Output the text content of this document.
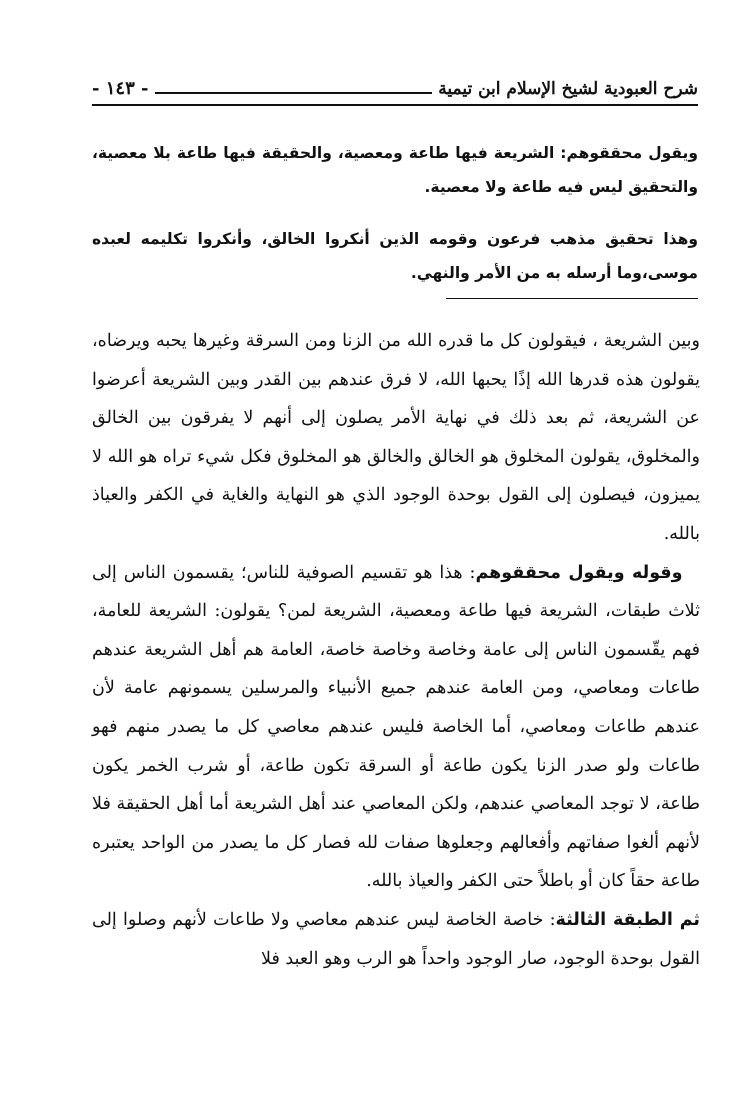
شرح العبودية لشيخ الإسلام ابن تيمية
- ١٤٣ -
ويقول محققوهم: الشريعة فيها طاعة ومعصية، والحقيقة فيها طاعة بلا معصية، والتحقيق ليس فيه طاعة ولا معصية.
وهذا تحقيق مذهب فرعون وقومه الذين أنكروا الخالق، وأنكروا تكليمه لعبده موسى،وما أرسله به من الأمر والنهي.

وبين الشريعة ، فيقولون كل ما قدره الله من الزنا ومن السرقة وغيرها يحبه ويرضاه، يقولون هذه قدرها الله إذًا يحبها الله، لا فرق عندهم بين القدر وبين الشريعة أعرضوا عن الشريعة، ثم بعد ذلك في نهاية الأمر يصلون إلى أنهم لا يفرقون بين الخالق والمخلوق، يقولون المخلوق هو الخالق والخالق هو المخلوق فكل شيء تراه هو الله لا يميزون، فيصلون إلى القول بوحدة الوجود الذي هو النهاية والغاية في الكفر والعياذ بالله.

 وقوله ويقول محققوهم: هذا هو تقسيم الصوفية للناس؛ يقسمون الناس إلى ثلاث طبقات، الشريعة فيها طاعة ومعصية، الشريعة لمن؟ يقولون: الشريعة للعامة، فهم يقّسمون الناس إلى عامة وخاصة وخاصة خاصة، العامة هم أهل الشريعة عندهم طاعات ومعاصي، ومن العامة عندهم جميع الأنبياء والمرسلين يسمونهم عامة لأن عندهم طاعات ومعاصي، أما الخاصة فليس عندهم معاصي كل ما يصدر منهم فهو طاعات ولو صدر الزنا يكون طاعة أو السرقة تكون طاعة، أو شرب الخمر يكون طاعة، لا توجد المعاصي عندهم، ولكن المعاصي عند أهل الشريعة أما أهل الحقيقة فلا لأنهم ألغوا صفاتهم وأفعالهم وجعلوها صفات لله فصار كل ما يصدر من الواحد يعتبره طاعة حقاً كان أو باطلاً حتى الكفر والعياذ بالله.

ثم الطبقة الثالثة: خاصة الخاصة ليس عندهم معاصي ولا طاعات لأنهم وصلوا إلى القول بوحدة الوجود، صار الوجود واحداً هو الرب وهو العبد فلا
